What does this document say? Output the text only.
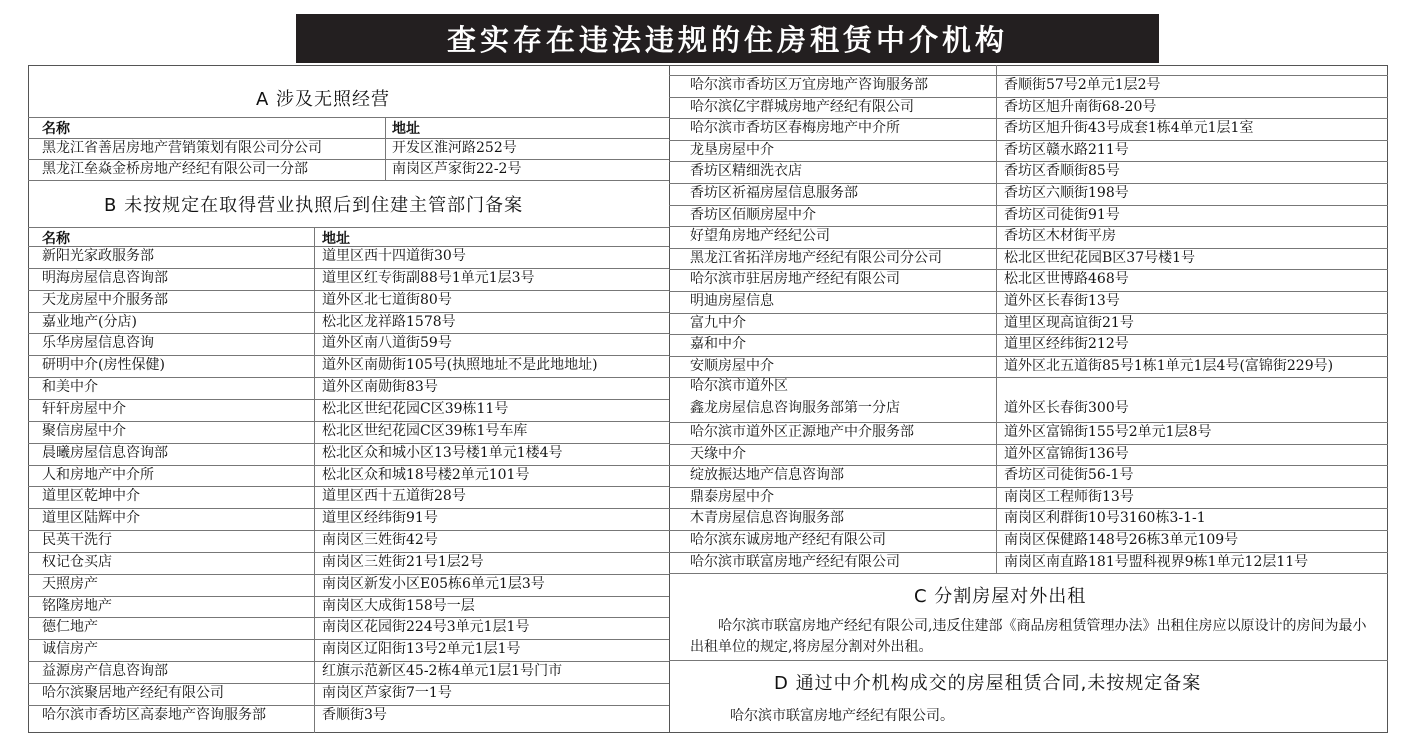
查实存在违法违规的住房租赁中介机构
A 涉及无照经营
名称	地址
黑龙江省善居房地产营销策划有限公司分公司	开发区淮河路252号
黑龙江垒焱金桥房地产经纪有限公司一分部	南岗区芦家街22-2号
B 未按规定在取得营业执照后到住建主管部门备案
名称	地址
新阳光家政服务部	道里区西十四道街30号
明海房屋信息咨询部	道里区红专街副88号1单元1层3号
天龙房屋中介服务部	道外区北七道街80号
嘉业地产(分店)	松北区龙祥路1578号
乐华房屋信息咨询	道外区南八道街59号
研明中介(房性保健)	道外区南勋街105号(执照地址不是此地地址)
和美中介	道外区南勋街83号
轩轩房屋中介	松北区世纪花园C区39栋11号
聚信房屋中介	松北区世纪花园C区39栋1号车库
晨曦房屋信息咨询部	松北区众和城小区13号楼1单元1楼4号
人和房地产中介所	松北区众和城18号楼2单元101号
道里区乾坤中介	道里区西十五道街28号
道里区陆辉中介	道里区经纬街91号
民英干洗行	南岗区三姓街42号
权记仓买店	南岗区三姓街21号1层2号
天照房产	南岗区新发小区E05栋6单元1层3号
铭隆房地产	南岗区大成街158号一层
德仁地产	南岗区花园街224号3单元1层1号
诚信房产	南岗区辽阳街13号2单元1层1号
益源房产信息咨询部	红旗示范新区45-2栋4单元1层1号门市
哈尔滨聚居地产经纪有限公司	南岗区芦家街7一1号
哈尔滨市香坊区高泰地产咨询服务部	香顺街3号
哈尔滨市香坊区万宜房地产咨询服务部	香顺街57号2单元1层2号
哈尔滨亿宇群城房地产经纪有限公司	香坊区旭升南街68-20号
哈尔滨市香坊区春梅房地产中介所	香坊区旭升街43号成套1栋4单元1层1室
龙垦房屋中介	香坊区赣水路211号
香坊区精细洗衣店	香坊区香顺街85号
香坊区祈福房屋信息服务部	香坊区六顺街198号
香坊区佰顺房屋中介	香坊区司徒街91号
好望角房地产经纪公司	香坊区木材街平房
黑龙江省拓洋房地产经纪有限公司分公司	松北区世纪花园B区37号楼1号
哈尔滨市驻居房地产经纪有限公司	松北区世博路468号
明迪房屋信息	道外区长春街13号
富九中介	道里区现高谊街21号
嘉和中介	道里区经纬街212号
安顺房屋中介	道外区北五道街85号1栋1单元1层4号(富锦街229号)
哈尔滨市道外区
鑫龙房屋信息咨询服务部第一分店	道外区长春街300号
哈尔滨市道外区正源地产中介服务部	道外区富锦街155号2单元1层8号
天缘中介	道外区富锦街136号
绽放振达地产信息咨询部	香坊区司徒街56-1号
鼎泰房屋中介	南岗区工程师街13号
木青房屋信息咨询服务部	南岗区利群街10号3160栋3-1-1
哈尔滨东诚房地产经纪有限公司	南岗区保健路148号26栋3单元109号
哈尔滨市联富房地产经纪有限公司	南岗区南直路181号盟科视界9栋1单元12层11号
C 分割房屋对外出租
哈尔滨市联富房地产经纪有限公司,违反住建部《商品房租赁管理办法》出租住房应以原设计的房间为最小出租单位的规定,将房屋分割对外出租。
D 通过中介机构成交的房屋租赁合同,未按规定备案
哈尔滨市联富房地产经纪有限公司。
